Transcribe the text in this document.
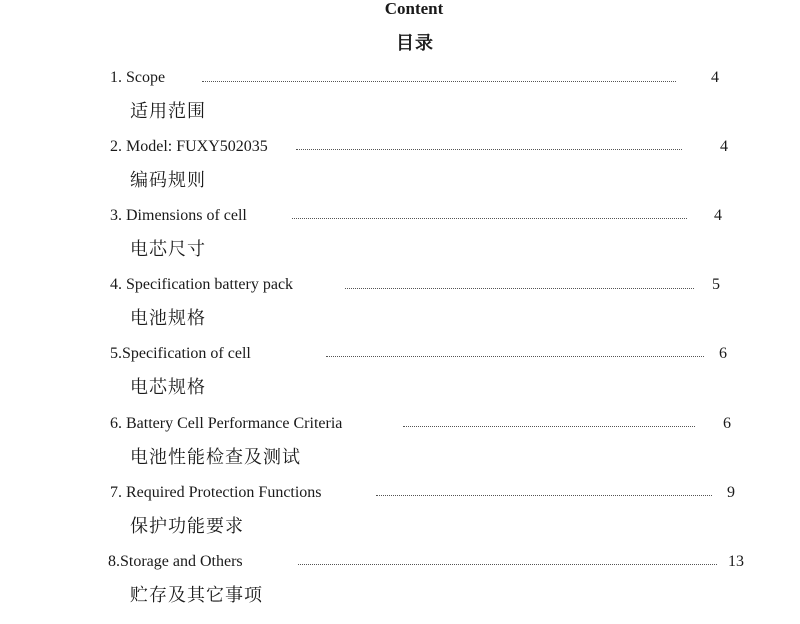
Content
目录
1. Scope	4
适用范围
2. Model: FUXY502035	4
编码规则
3. Dimensions of cell	4
电芯尺寸
4. Specification battery pack	5
电池规格
5.Specification of cell	6
电芯规格
6. Battery Cell Performance Criteria	6
电池性能检查及测试
7. Required Protection Functions	9
保护功能要求
8.Storage and Others	13
贮存及其它事项
